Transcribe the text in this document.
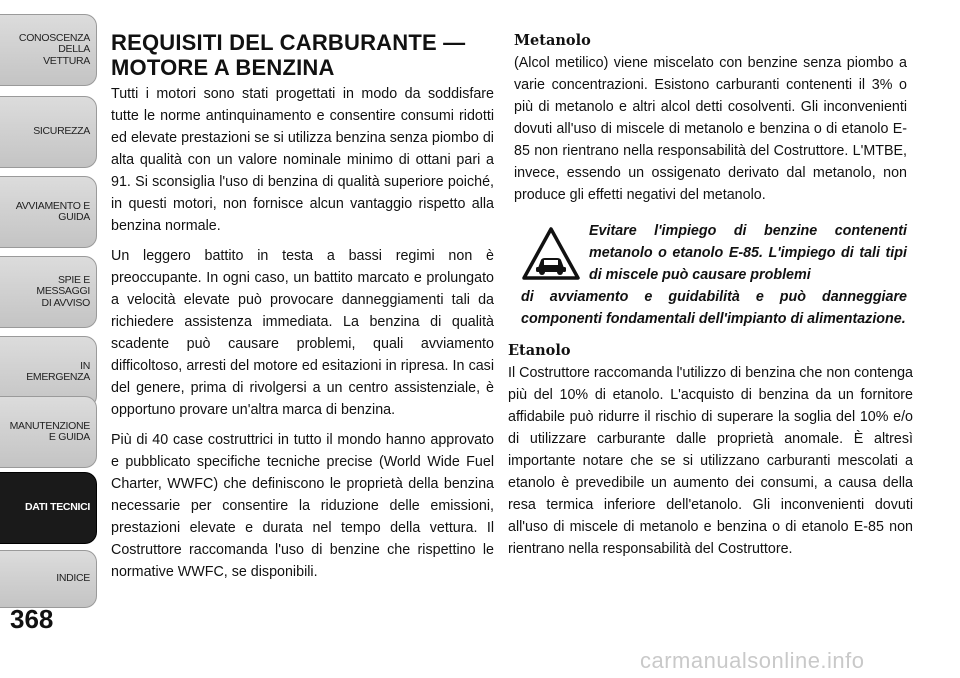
CONOSCENZA DELLA
VETTURA
SICUREZZA
AVVIAMENTO E
GUIDA
SPIE E
MESSAGGI
DI AVVISO
IN
EMERGENZA
MANUTENZIONE
E GUIDA
DATI TECNICI
INDICE
368
REQUISITI DEL CARBURANTE —
MOTORE A BENZINA

Tutti i motori sono stati progettati in modo da soddisfare tutte le norme antinquinamento e consentire consumi ridotti ed elevate prestazioni se si utilizza benzina senza piombo di alta qualità con un valore nominale minimo di ottani pari a 91. Si sconsiglia l'uso di benzina di qualità superiore poiché, in questi motori, non fornisce alcun vantaggio rispetto alla benzina normale.

Un leggero battito in testa a bassi regimi non è preoccupante. In ogni caso, un battito marcato e prolungato a velocità elevate può provocare danneggiamenti tali da richiedere assistenza immediata. La benzina di qualità scadente può causare problemi, quali avviamento difficoltoso, arresti del motore ed esitazioni in ripresa. In casi del genere, prima di rivolgersi a un centro assistenziale, è opportuno provare un'altra marca di benzina.

Più di 40 case costruttrici in tutto il mondo hanno approvato e pubblicato specifiche tecniche precise (World Wide Fuel Charter, WWFC) che definiscono le proprietà della benzina necessarie per consentire la riduzione delle emissioni, prestazioni elevate e durata nel tempo della vettura. Il Costruttore raccomanda l'uso di benzine che rispettino le normative WWFC, se disponibili.

Metanolo

(Alcol metilico) viene miscelato con benzine senza piombo a varie concentrazioni. Esistono carburanti contenenti il 3% o più di metanolo e altri alcol detti cosolventi. Gli inconvenienti dovuti all'uso di miscele di metanolo e benzina o di etanolo E-85 non rientrano nella responsabilità del Costruttore. L'MTBE, invece, essendo un ossigenato derivato dal metanolo, non produce gli effetti negativi del metanolo.

Evitare l'impiego di benzine contenenti metanolo o etanolo E-85. L'impiego di tali tipi di miscele può causare problemi

di avviamento e guidabilità e può danneggiare componenti fondamentali dell'impianto di alimentazione.

Etanolo

Il Costruttore raccomanda l'utilizzo di benzina che non contenga più del 10% di etanolo. L'acquisto di benzina da un fornitore affidabile può ridurre il rischio di superare la soglia del 10% e/o di utilizzare carburante dalle proprietà anomale. È altresì importante notare che se si utilizzano carburanti mescolati a etanolo è prevedibile un aumento dei consumi, a causa della resa termica inferiore dell'etanolo. Gli inconvenienti dovuti all'uso di miscele di metanolo e benzina o di etanolo E-85 non rientrano nella responsabilità del Costruttore.

carmanualsonline.info
